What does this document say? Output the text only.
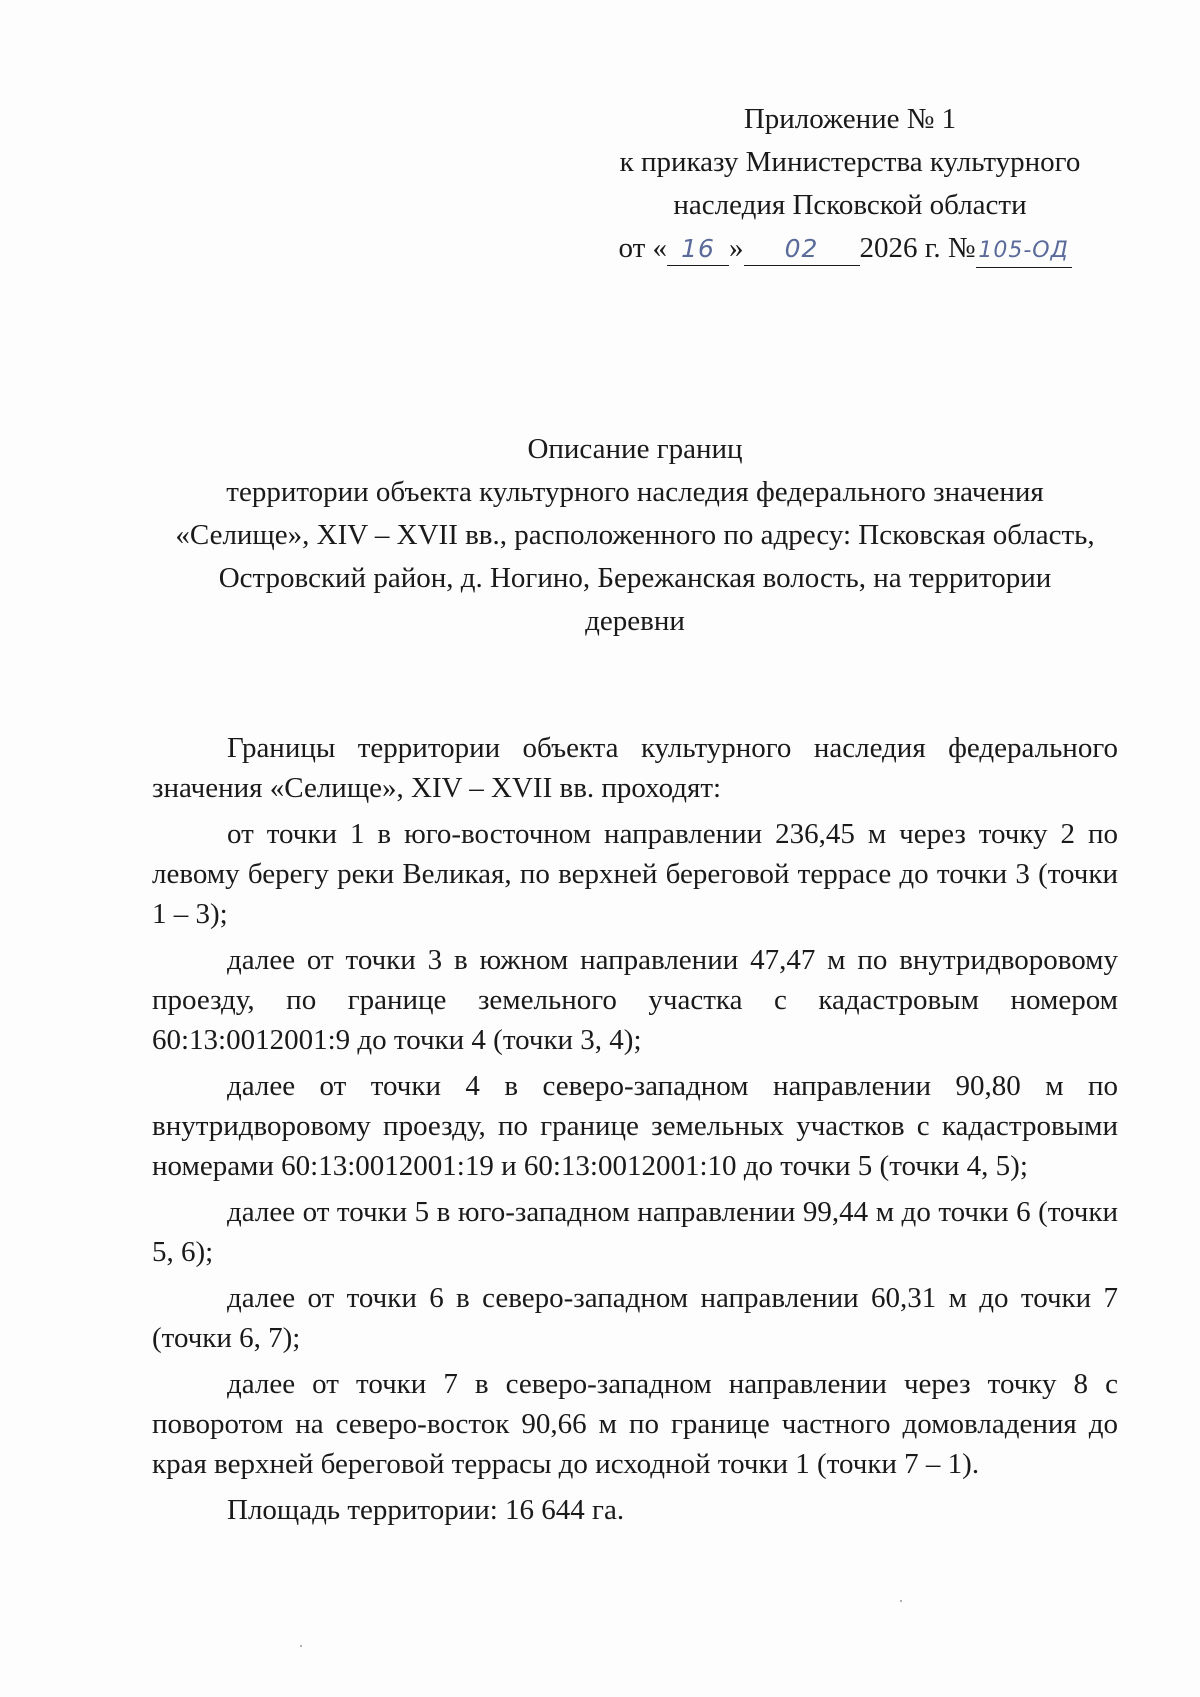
Приложение № 1
к приказу Министерства культурного
наследия Псковской области
от « 16 » 02 2026 г. № 105-ОД
Описание границ
территории объекта культурного наследия федерального значения
«Селище», XIV – XVII вв., расположенного по адресу: Псковская область,
Островский район, д. Ногино, Бережанская волость, на территории
деревни

Границы территории объекта культурного наследия федерального значения «Селище», XIV – XVII вв. проходят:

от точки 1 в юго-восточном направлении 236,45 м через точку 2 по левому берегу реки Великая, по верхней береговой террасе до точки 3 (точки 1 – 3);

далее от точки 3 в южном направлении 47,47 м по внутридворовому проезду, по границе земельного участка с кадастровым номером 60:13:0012001:9 до точки 4 (точки 3, 4);

далее от точки 4 в северо-западном направлении 90,80 м по внутридворовому проезду, по границе земельных участков с кадастровыми номерами 60:13:0012001:19 и 60:13:0012001:10 до точки 5 (точки 4, 5);

далее от точки 5 в юго-западном направлении 99,44 м до точки 6 (точки 5, 6);

далее от точки 6 в северо-западном направлении 60,31 м до точки 7 (точки 6, 7);

далее от точки 7 в северо-западном направлении через точку 8 с поворотом на северо-восток 90,66 м по границе частного домовладения до края верхней береговой террасы до исходной точки 1 (точки 7 – 1).

Площадь территории: 16 644 га.
